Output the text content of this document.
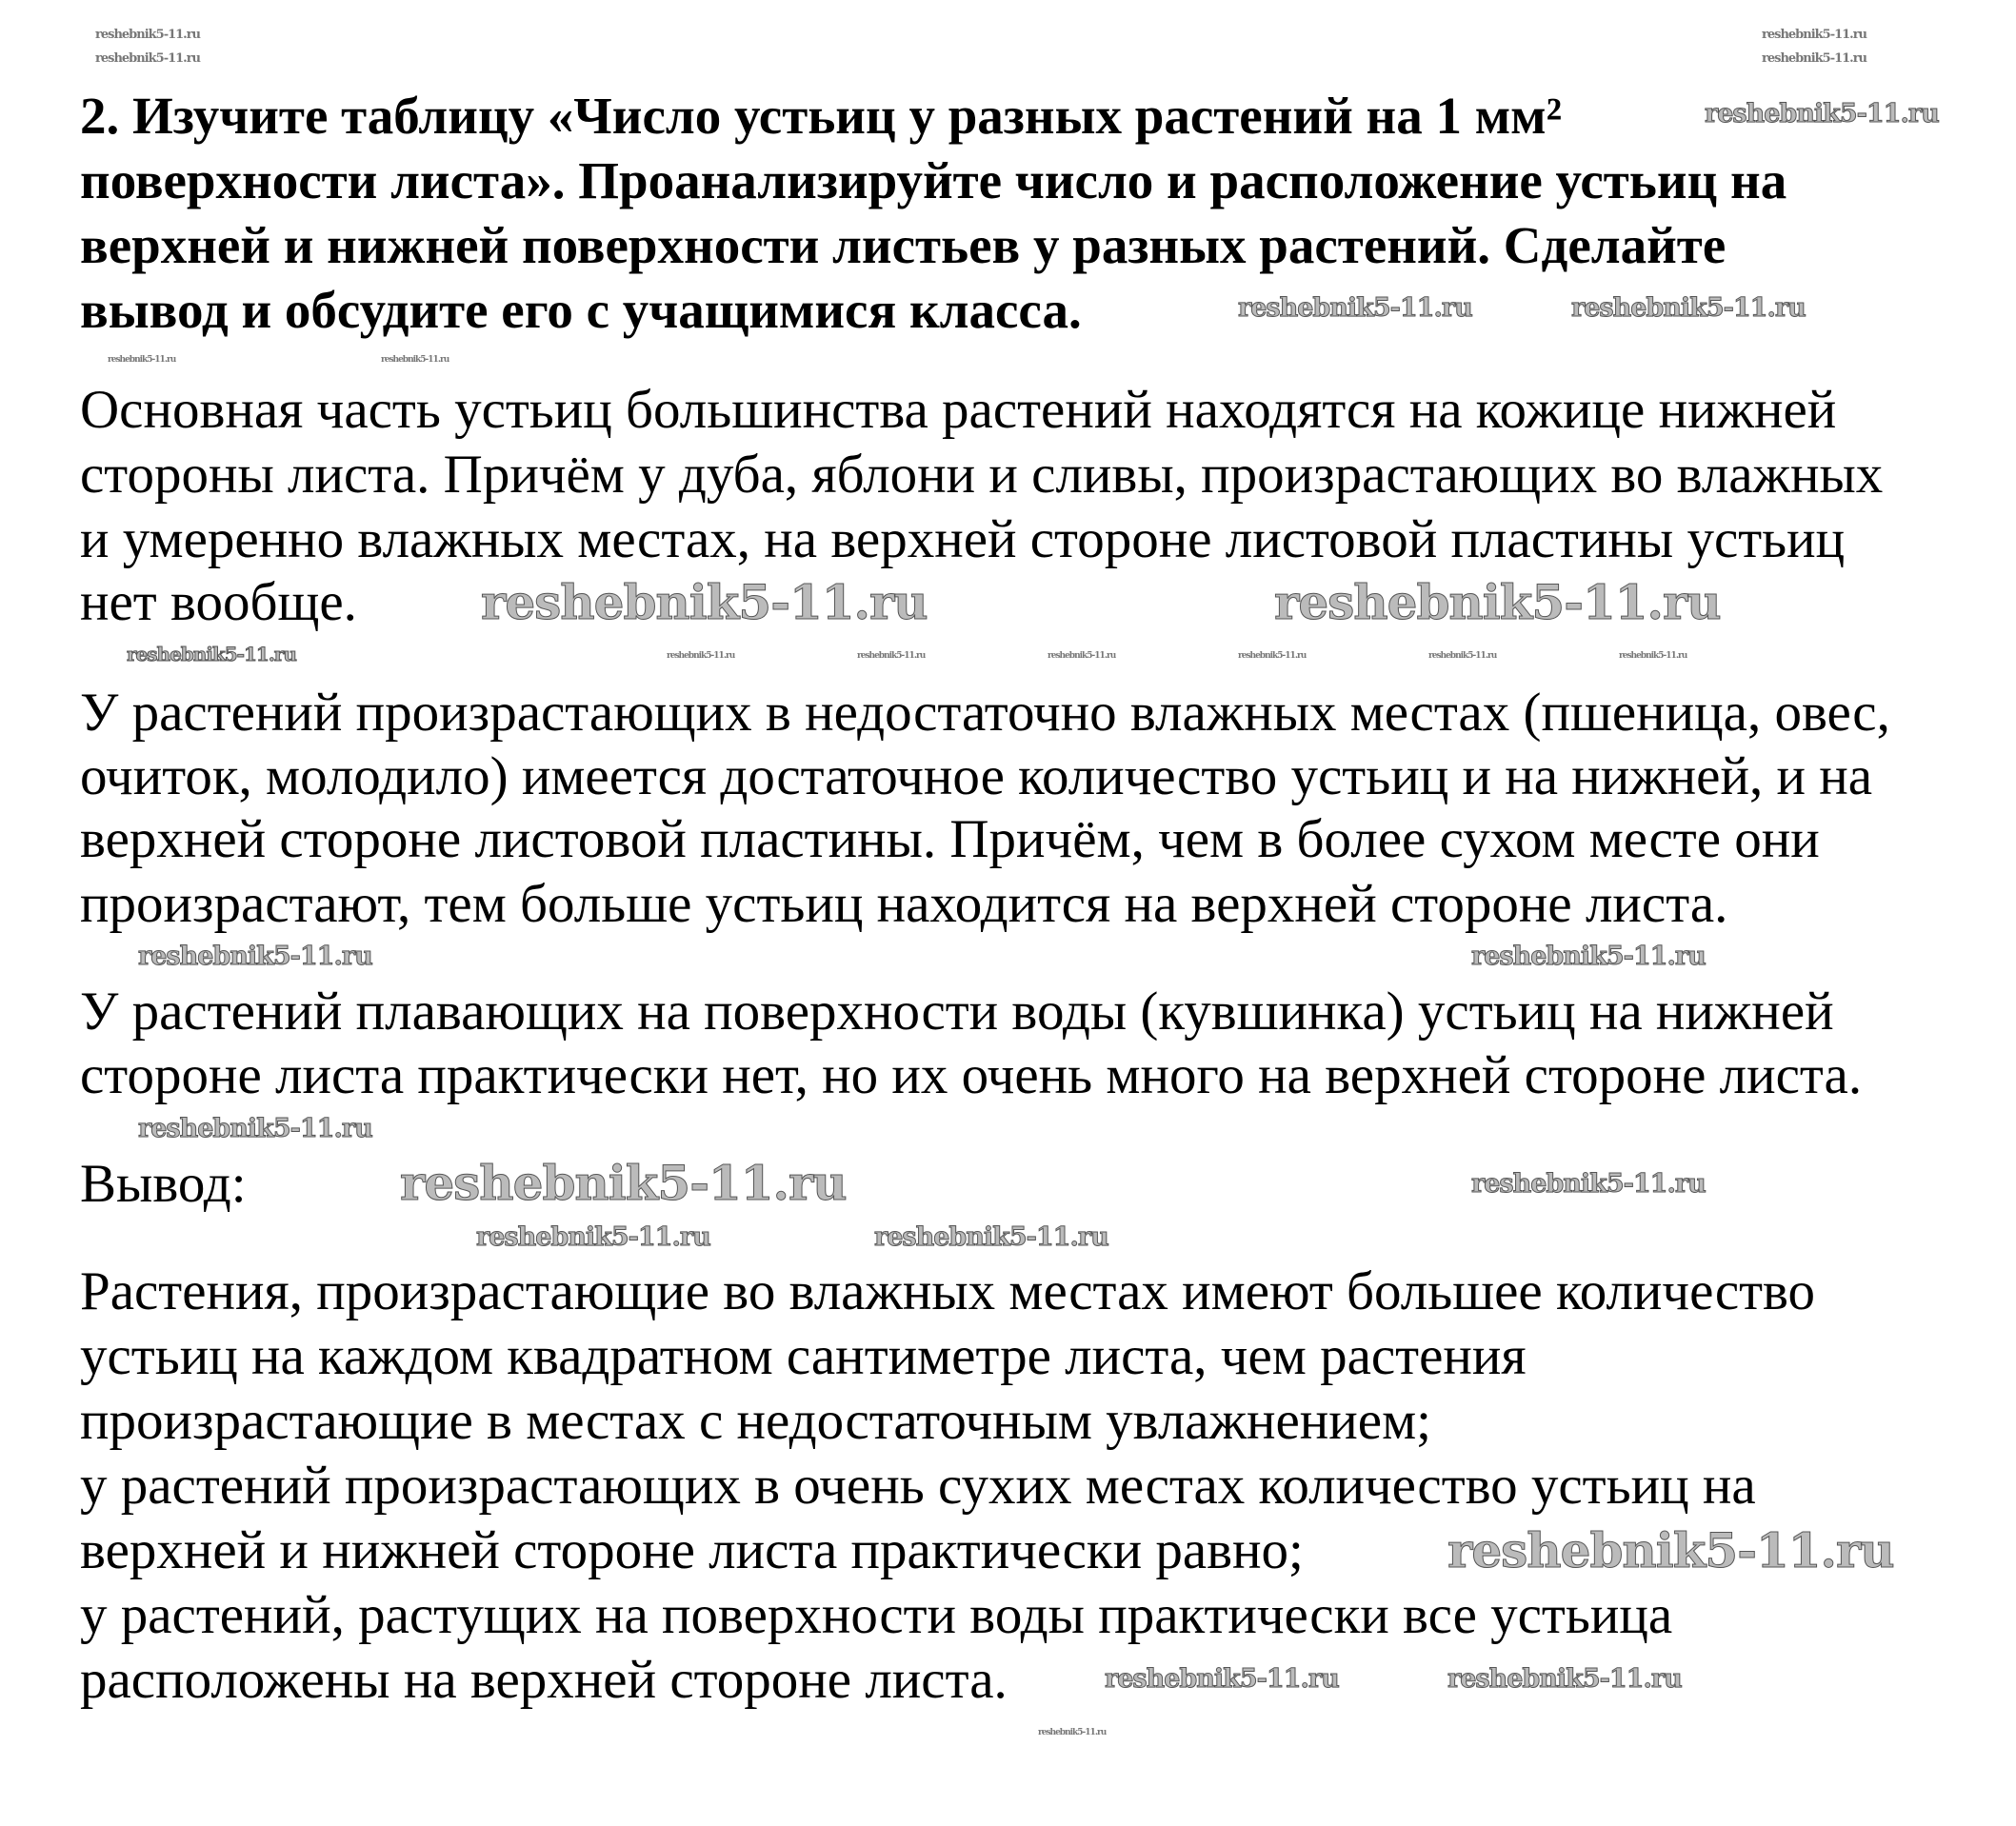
2. Изучите таблицу «Число устьиц у разных растений на 1 мм²
поверхности листа». Проанализируйте число и расположение устьиц на
верхней и нижней поверхности листьев у разных растений. Сделайте
вывод и обсудите его с учащимися класса.
Основная часть устьиц большинства растений находятся на кожице нижней
стороны листа. Причём у дуба, яблони и сливы, произрастающих во влажных
и умеренно влажных местах, на верхней стороне листовой пластины устьиц
нет вообще.
У растений произрастающих в недостаточно влажных местах (пшеница, овес,
очиток, молодило) имеется достаточное количество устьиц и на нижней, и на
верхней стороне листовой пластины. Причём, чем в более сухом месте они
произрастают, тем больше устьиц находится на верхней стороне листа.
У растений плавающих на поверхности воды (кувшинка) устьиц на нижней
стороне листа практически нет, но их очень много на верхней стороне листа.
Вывод:
Растения, произрастающие во влажных местах имеют большее количество
устьиц на каждом квадратном сантиметре листа, чем растения
произрастающие в местах с недостаточным увлажнением;
у растений произрастающих в очень сухих местах количество устьиц на
верхней и нижней стороне листа практически равно;
у растений, растущих на поверхности воды практически все устьица
расположены на верхней стороне листа.
reshebnik5-11.ru	reshebnik5-11.ru
reshebnik5-11.ru
reshebnik5-11.ru
reshebnik5-11.ru
reshebnik5-11.ru	reshebnik5-11.ru
reshebnik5-11.ru	reshebnik5-11.ru
reshebnik5-11.ru
reshebnik5-11.ru
reshebnik5-11.ru	reshebnik5-11.ru
reshebnik5-11.ru	reshebnik5-11.ru
reshebnik5-11.ru
reshebnik5-11.ru
reshebnik5-11.ru
reshebnik5-11.ru
reshebnik5-11.ru
reshebnik5-11.ru	reshebnik5-11.ru
reshebnik5-11.ru	reshebnik5-11.ru	reshebnik5-11.ru	reshebnik5-11.ru	reshebnik5-11.ru	reshebnik5-11.ru
reshebnik5-11.ru
